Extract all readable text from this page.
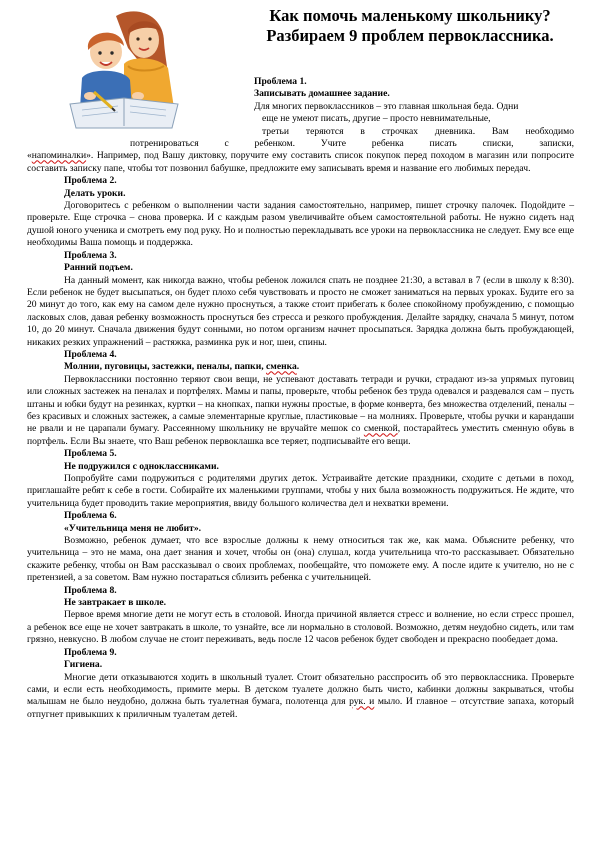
Как помочь маленькому школьнику?
Разбираем 9 проблем первоклассника.

Проблема 1.

Записывать домашнее задание.

Для многих первоклассников – это главная школьная беда. Одни

еще не умеют писать, другие – просто невнимательные,

третьи теряются в строчках дневника. Вам необходимо

потренироваться с ребенком. Учите ребенка писать списки, записки,

«напоминалки». Например, под Вашу диктовку, поручите ему составить список покупок перед походом в магазин или попросите составить записку папе, чтобы тот позвонил бабушке, предложите ему записывать время и название его любимых передач.

Проблема 2.

Делать уроки.

Договоритесь с ребенком о выполнении части задания самостоятельно, например, пишет строчку палочек. Подойдите – проверьте. Еще строчка – снова проверка. И с каждым разом увеличивайте объем самостоятельной работы. Не нужно сидеть над душой юного ученика и смотреть ему под руку. Но и полностью перекладывать все уроки на первоклассника не следует. Ему все еще необходимы Ваша помощь и поддержка.

Проблема 3.

Ранний подъем.

На данный момент, как никогда важно, чтобы ребенок ложился спать не позднее 21:30, а вставал в 7 (если в школу к 8:30). Если ребенок не будет высыпаться, он будет плохо себя чувствовать и просто не сможет заниматься на первых уроках. Будите его за 20 минут до того, как ему на самом деле нужно проснуться, а также стоит прибегать к более спокойному пробуждению, с помощью ласковых слов, давая ребенку возможность проснуться без стресса и резкого пробуждения. Делайте зарядку, сначала 5 минут, потом 10, до 20 минут. Сначала движения будут сонными, но потом организм начнет просыпаться. Зарядка должна быть пробуждающей, никаких резких упражнений – растяжка, разминка рук и ног, шеи, спины.

Проблема 4.

Молнии, пуговицы, застежки, пеналы, папки, сменка.

Первоклассники постоянно теряют свои вещи, не успевают доставать тетради и ручки, страдают из-за упрямых пуговиц или сложных застежек на пеналах и портфелях. Мамы и папы, проверьте, чтобы ребенок без труда одевался и раздевался сам – пусть штаны и юбки будут на резинках, куртки – на кнопках, папки нужны простые, в форме конверта, без множества отделений, пеналы – без красивых и сложных застежек, а самые элементарные круглые, пластиковые – на молниях. Проверьте, чтобы ручки и карандаши не рвали и не царапали бумагу. Рассеянному школьнику не вручайте мешок со сменкой, постарайтесь уместить сменную обувь в портфель. Если Вы знаете, что Ваш ребенок первоклашка все теряет, подписывайте его вещи.

Проблема 5.

Не подружился с одноклассниками.

Попробуйте сами подружиться с родителями других деток. Устраивайте детские праздники, сходите с детьми в поход, приглашайте ребят к себе в гости. Собирайте их маленькими группами, чтобы у них была возможность подружиться. Не ждите, что учительница будет проводить такие мероприятия, ввиду большого количества дел и нехватки времени.

Проблема 6.

«Учительница меня не любит».

Возможно, ребенок думает, что все взрослые должны к нему относиться так же, как мама. Объясните ребенку, что учительница – это не мама, она дает знания и хочет, чтобы он (она) слушал, когда учительница что-то рассказывает. Обязательно скажите ребенку, чтобы он Вам рассказывал о своих проблемах, пообещайте, что поможете ему. А после идите к учителю, но не с претензией, а за советом. Вам нужно постараться сблизить ребенка с учительницей.

Проблема 8.

Не завтракает в школе.

Первое время многие дети не могут есть в столовой. Иногда причиной является стресс и волнение, но если стресс прошел, а ребенок все еще не хочет завтракать в школе, то узнайте, все ли нормально в столовой. Возможно, детям неудобно сидеть, или там грязно, невкусно. В любом случае не стоит переживать, ведь после 12 часов ребенок будет свободен и прекрасно пообедает дома.

Проблема 9.

Гигиена.

Многие дети отказываются ходить в школьный туалет. Стоит обязательно расспросить об это первоклассника. Проверьте сами, и если есть необходимость, примите меры. В детском туалете должно быть чисто, кабинки должны закрываться, чтобы малышам не было неудобно, должна быть туалетная бумага, полотенца для рук. и мыло. И главное – отсутствие запаха, который отпугнет привыкших к приличным туалетам детей.
